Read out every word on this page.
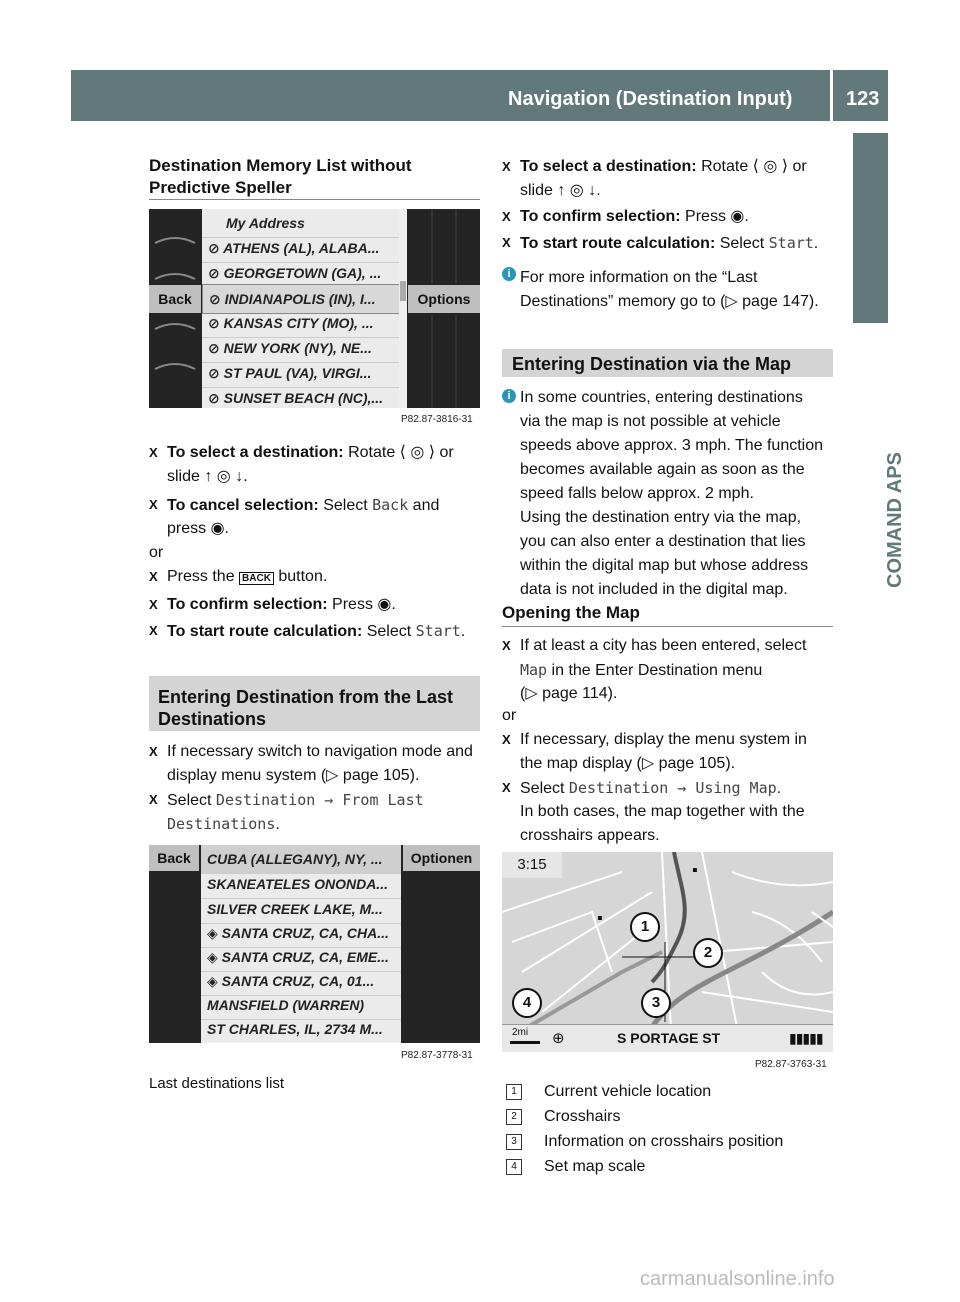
Navigation (Destination Input)	123
COMAND APS
Destination Memory List without Predictive Speller
Back
My Address
⊘ ATHENS (AL), ALABA...
⊘ GEORGETOWN (GA), ...
⊘ INDIANAPOLIS (IN), I...
⊘ KANSAS CITY (MO), ...
⊘ NEW YORK (NY), NE...
⊘ ST PAUL (VA), VIRGI...
⊘ SUNSET BEACH (NC),...
Options
P82.87-3816-31
X To select a destination: Rotate ⟨ ◎ ⟩ or
slide ↑ ◎ ↓.
X To cancel selection: Select Back and
press ◉.
or
X Press the BACK button.
X To confirm selection: Press ◉.
X To start route calculation: Select Start.
Entering Destination from the Last
Destinations
X If necessary switch to navigation mode and
display menu system (▷ page 105).
X Select Destination → From Last
Destinations.
Back	CUBA (ALLEGANY), NY, ...
SKANEATELES ONONDA...
SILVER CREEK LAKE, M...
◈ SANTA CRUZ, CA, CHA...
◈ SANTA CRUZ, CA, EME...
◈ SANTA CRUZ, CA, 01...
MANSFIELD (WARREN)
ST CHARLES, IL, 2734 M...
Optionen
P82.87-3778-31
Last destinations list
X To select a destination: Rotate ⟨ ◎ ⟩ or
slide ↑ ◎ ↓.
X To confirm selection: Press ◉.
X To start route calculation: Select Start.
i For more information on the “Last
Destinations” memory go to (▷ page 147).
Entering Destination via the Map
i In some countries, entering destinations
via the map is not possible at vehicle
speeds above approx. 3 mph. The function
becomes available again as soon as the
speed falls below approx. 2 mph.
Using the destination entry via the map,
you can also enter a destination that lies
within the digital map but whose address
data is not included in the digital map.
Opening the Map
X If at least a city has been entered, select
Map in the Enter Destination menu
(▷ page 114).
or
X If necessary, display the menu system in
the map display (▷ page 105).
X Select Destination → Using Map.
In both cases, the map together with the
crosshairs appears.
3:15	▪
▪	1
2
3
4
2mi ⊕	S PORTAGE ST	▮▮▮▮▮
P82.87-3763-31
1 Current vehicle location
2 Crosshairs
3 Information on crosshairs position
4 Set map scale
carmanualsonline.info
